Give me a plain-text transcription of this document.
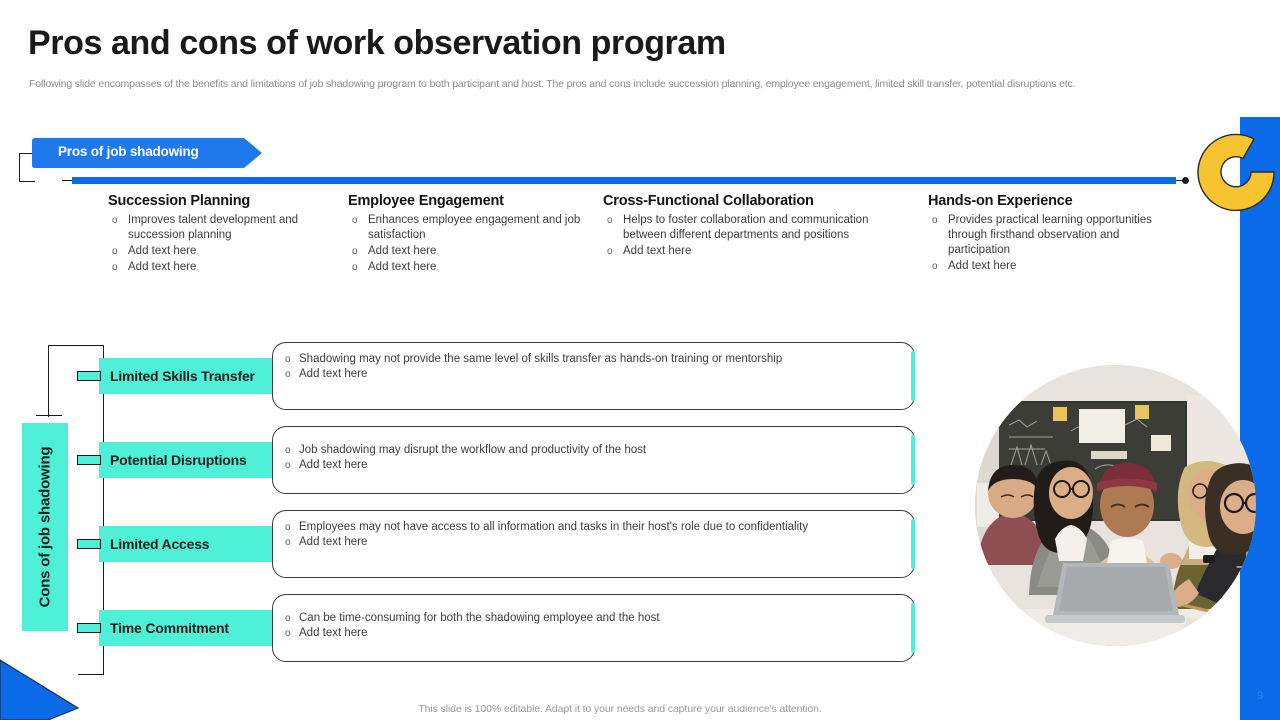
Pros and cons of work observation program
Following slide encompasses of the benefits and limitations of job shadowing program to both participant and host. The pros and cons include succession planning, employee engagement, limited skill transfer, potential disruptions etc.
9
Pros of job shadowing
Succession Planning
o Improves talent development and succession planning
o Add text here
o Add text here
Employee Engagement
o Enhances employee engagement and job satisfaction
o Add text here
o Add text here
Cross-Functional Collaboration
o Helps to foster collaboration and communication between different departments and positions
o Add text here
Hands-on Experience
o Provides practical learning opportunities through firsthand observation and participation
o Add text here
Cons of job shadowing
Limited Skills Transfer
o Shadowing may not provide the same level of skills transfer as hands-on training or mentorship
o Add text here
Potential Disruptions
o Job shadowing may disrupt the workflow and productivity of the host
o Add text here
Limited Access
o Employees may not have access to all information and tasks in their host's role due to confidentiality
o Add text here
Time Commitment
o Can be time-consuming for both the shadowing employee and the host
o Add text here
This slide is 100% editable. Adapt it to your needs and capture your audience's attention.
